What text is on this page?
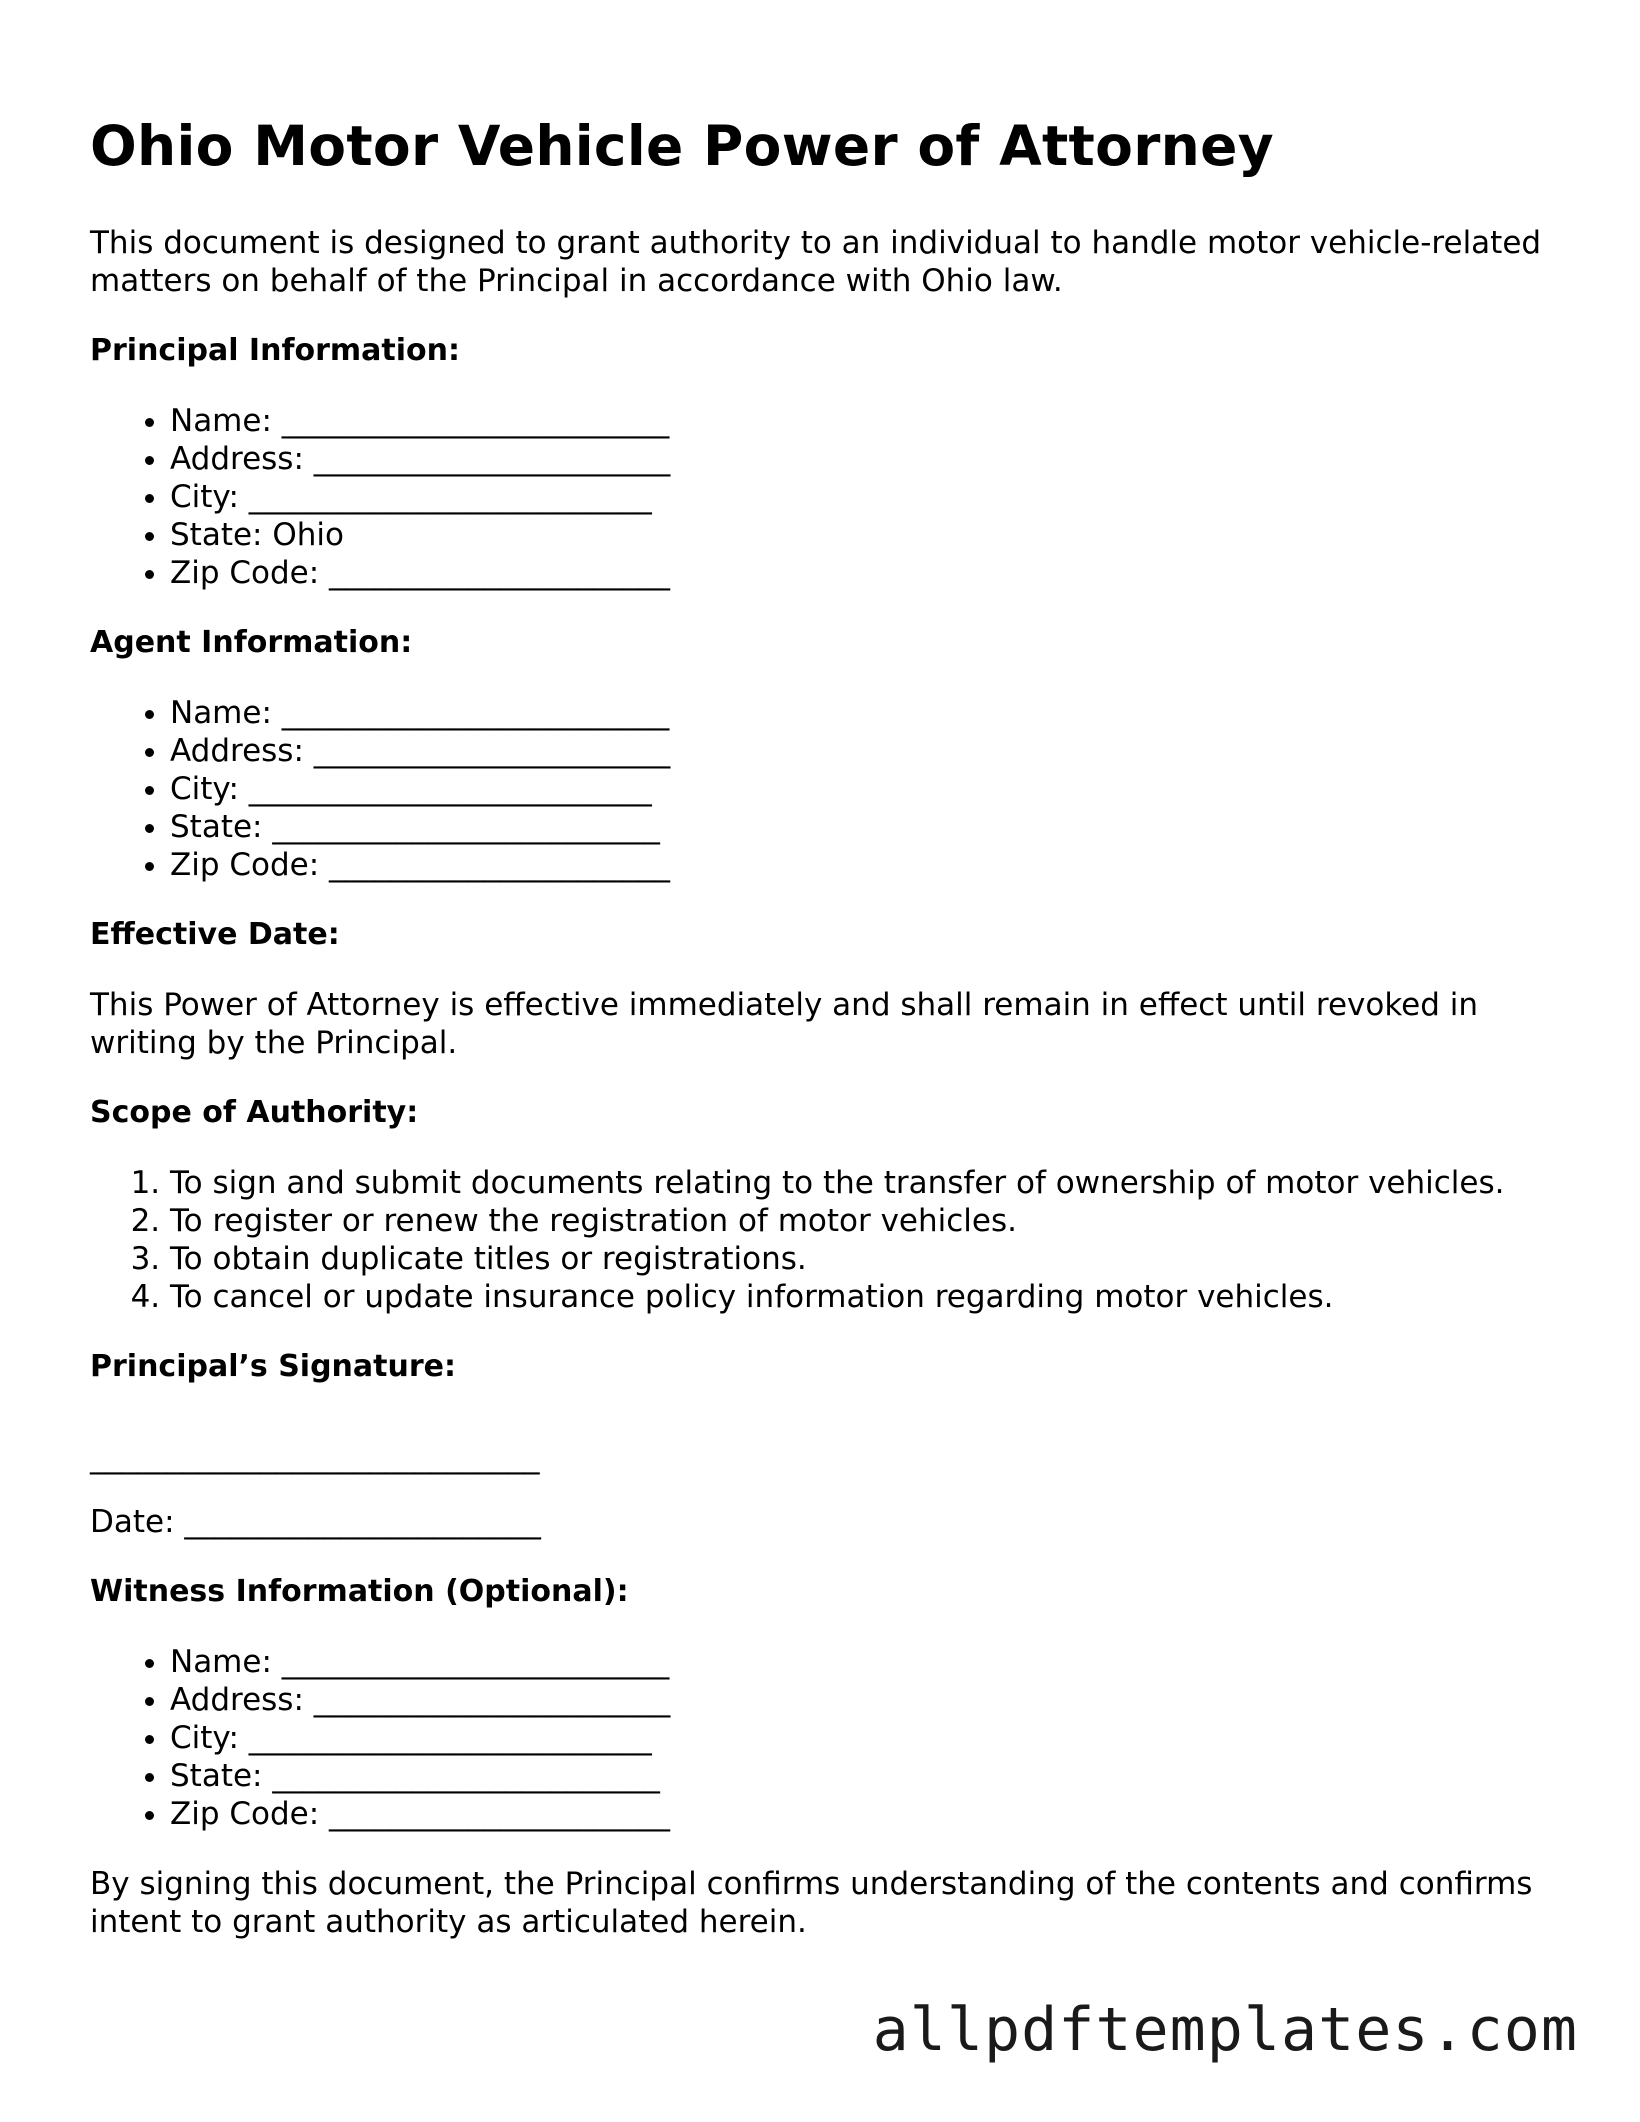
Ohio Motor Vehicle Power of Attorney

This document is designed to grant authority to an individual to handle motor vehicle-related matters on behalf of the Principal in accordance with Ohio law.

Principal Information:
• Name: _________________________
• Address: _______________________
• City: __________________________
• State: Ohio
• Zip Code: ______________________
Agent Information:
• Name: _________________________
• Address: _______________________
• City: __________________________
• State: _________________________
• Zip Code: ______________________
Effective Date:

This Power of Attorney is effective immediately and shall remain in effect until revoked in writing by the Principal.

Scope of Authority:
1. To sign and submit documents relating to the transfer of ownership of motor vehicles.
2. To register or renew the registration of motor vehicles.
3. To obtain duplicate titles or registrations.
4. To cancel or update insurance policy information regarding motor vehicles.
Principal’s Signature:

_____________________________

Date: _______________________

Witness Information (Optional):
• Name: _________________________
• Address: _______________________
• City: __________________________
• State: _________________________
• Zip Code: ______________________

By signing this document, the Principal confirms understanding of the contents and confirms intent to grant authority as articulated herein.

allpdftemplates.com
